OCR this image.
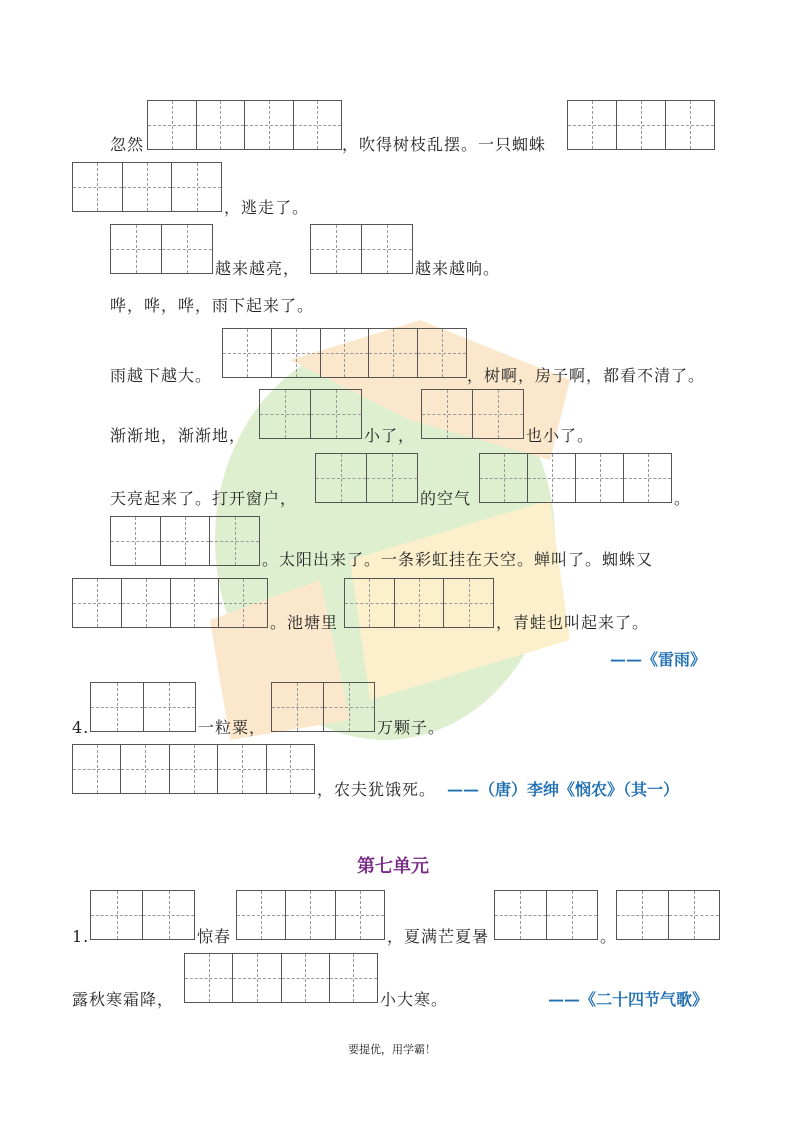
忽然	，吹得树枝乱摆。一只蜘蛛
，逃走了。
越来越亮，	越来越响。
哗，哗，哗，雨下起来了。
雨越下越大。	，树啊，房子啊，都看不清了。
渐渐地，渐渐地，	小了，	也小了。
天亮起来了。打开窗户，	的空气	。
。太阳出来了。一条彩虹挂在天空。蝉叫了。蜘蛛又
。池塘里	，青蛙也叫起来了。
——《雷雨》
4.	一粒粟，	万颗子。
，农夫犹饿死。 ——（唐）李绅《悯农》（其一）
第七单元
1.	惊春	，夏满芒夏暑	。
露秋寒霜降，	小大寒。	——《二十四节气歌》
要提优，用学霸！
